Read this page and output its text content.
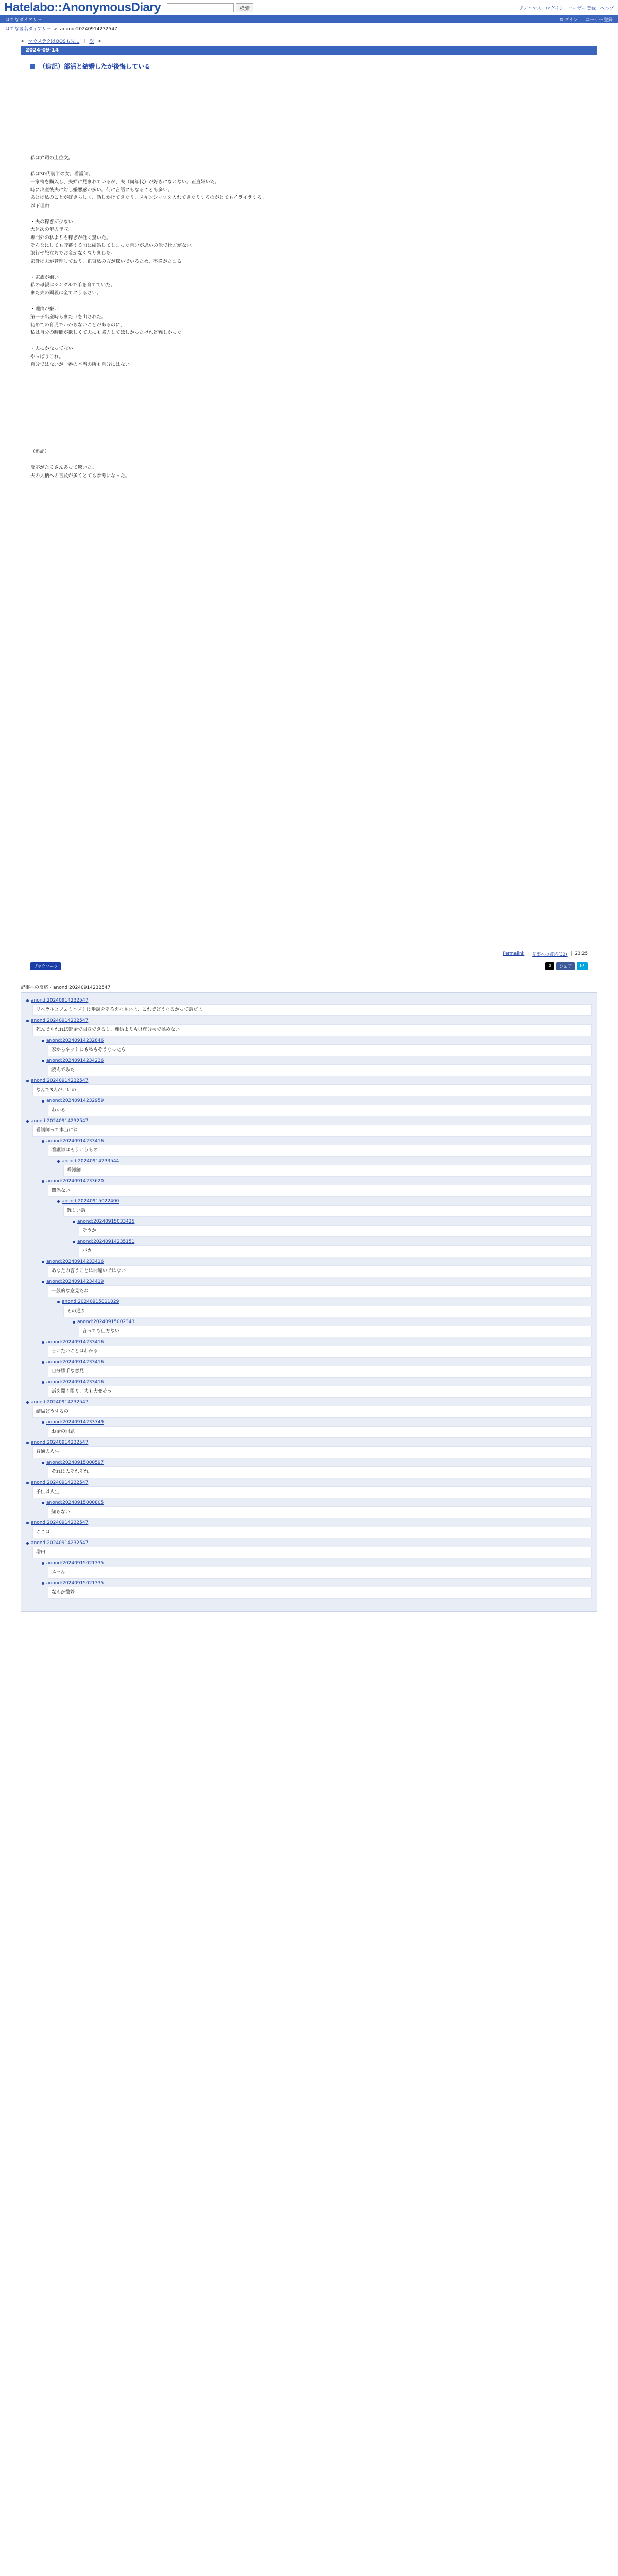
Hatelabo::AnonymousDiary	検索	アノニマス ログイン ユーザー登録 ヘルプ
はてなダイアリー	ログイン ユーザー登録
はてな匿名ダイアリー > anond:20240914232547
< マウステクはOOSも先... | 次 >
2024-09-14
（追記）部活と結婚したが後悔している

私は弁司の上位文。

私は30代前半の女。看護師。
一家寄を購入し、夫婦に見まれているが、夫（同年代）が好きになれない。正直嫌いだ。
時に出産後夫に対し嫌悪感が多い。何に言語にもなることも多い。
あとは私のことが好きらしく、話しかけてきたり、スキンシップを入れてきたりするのがとてもイライラする。
以下理由

・夫の稼ぎが少ない
大体次の年の年収。
専門外の私よりも稼ぎが低く驚いた。
そんなにしても貯蓄する前に結婚してしまった自分が思いの他で仕方がない。
旅行や旅立ちでお金がなくなりました。
家計は夫が管理しており、正直私の方が稼いでいるため、不満がたまる。

・家族が嫌い
私の母親はシングルで弟を育てていた。
また夫の両親は全てにうるさい。

・理由が嫌い
第一子出産時もまた口を出された。
初めての育児でわからないことがあるのに、
私は自分の時間が欲しくて夫にも協力してほしかったけれど難しかった。

・夫にかなってない
やっぱりこれ。
自分ではないが一番の本当の所も自分にはない。

（追記）

反応がたくさんあって驚いた。
夫の人柄への言及が多くとても参考になった。

Permalink | 記事への反応(32) | 23:25
ブックマーク	X	シェア	B!
記事への反応 - anond:20240914232547
anond:20240914232547
リベラルとフェミニストは歩調をそろえなさいよ、これでどうなるかって話だよ
anond:20240914232547
死んでくれれば貯金で回収できるし、離婚よりも財産分与で揉めない
anond:20240914232846
家からネットにも私もそうなったら
anond:20240914234236
読んでみた
anond:20240914232547
なんで3人がいいの
anond:20240914232959
わかる
anond:20240914232547
看護師って本当にね
anond:20240914233416
看護師はそういうもの
anond:20240914233544
看護師
anond:20240914233620
関係ない
anond:20240915022400
難しい話
anond:20240915033425
そうか
anond:20240914235151
バカ
anond:20240914233416
あなたの言うことは間違いではない
anond:20240914234419
一般的な意見だね
anond:20240915011029
その通り
anond:20240915002343
言っても仕方ない
anond:20240914233416
言いたいことはわかる
anond:20240914233416
自分勝手な意見
anond:20240914233416
話を聞く限り、夫も大変そう
anond:20240914232547
結局どうするの
anond:20240914233749
お金の問題
anond:20240914232547
普通の人生
anond:20240915000597
それは人それぞれ
anond:20240914232547
子供は人生
anond:20240915000805
知らない
anond:20240914232547
ここは
anond:20240914232547
増田
anond:20240915021335
ふーん
anond:20240915021335
なんか微妙
